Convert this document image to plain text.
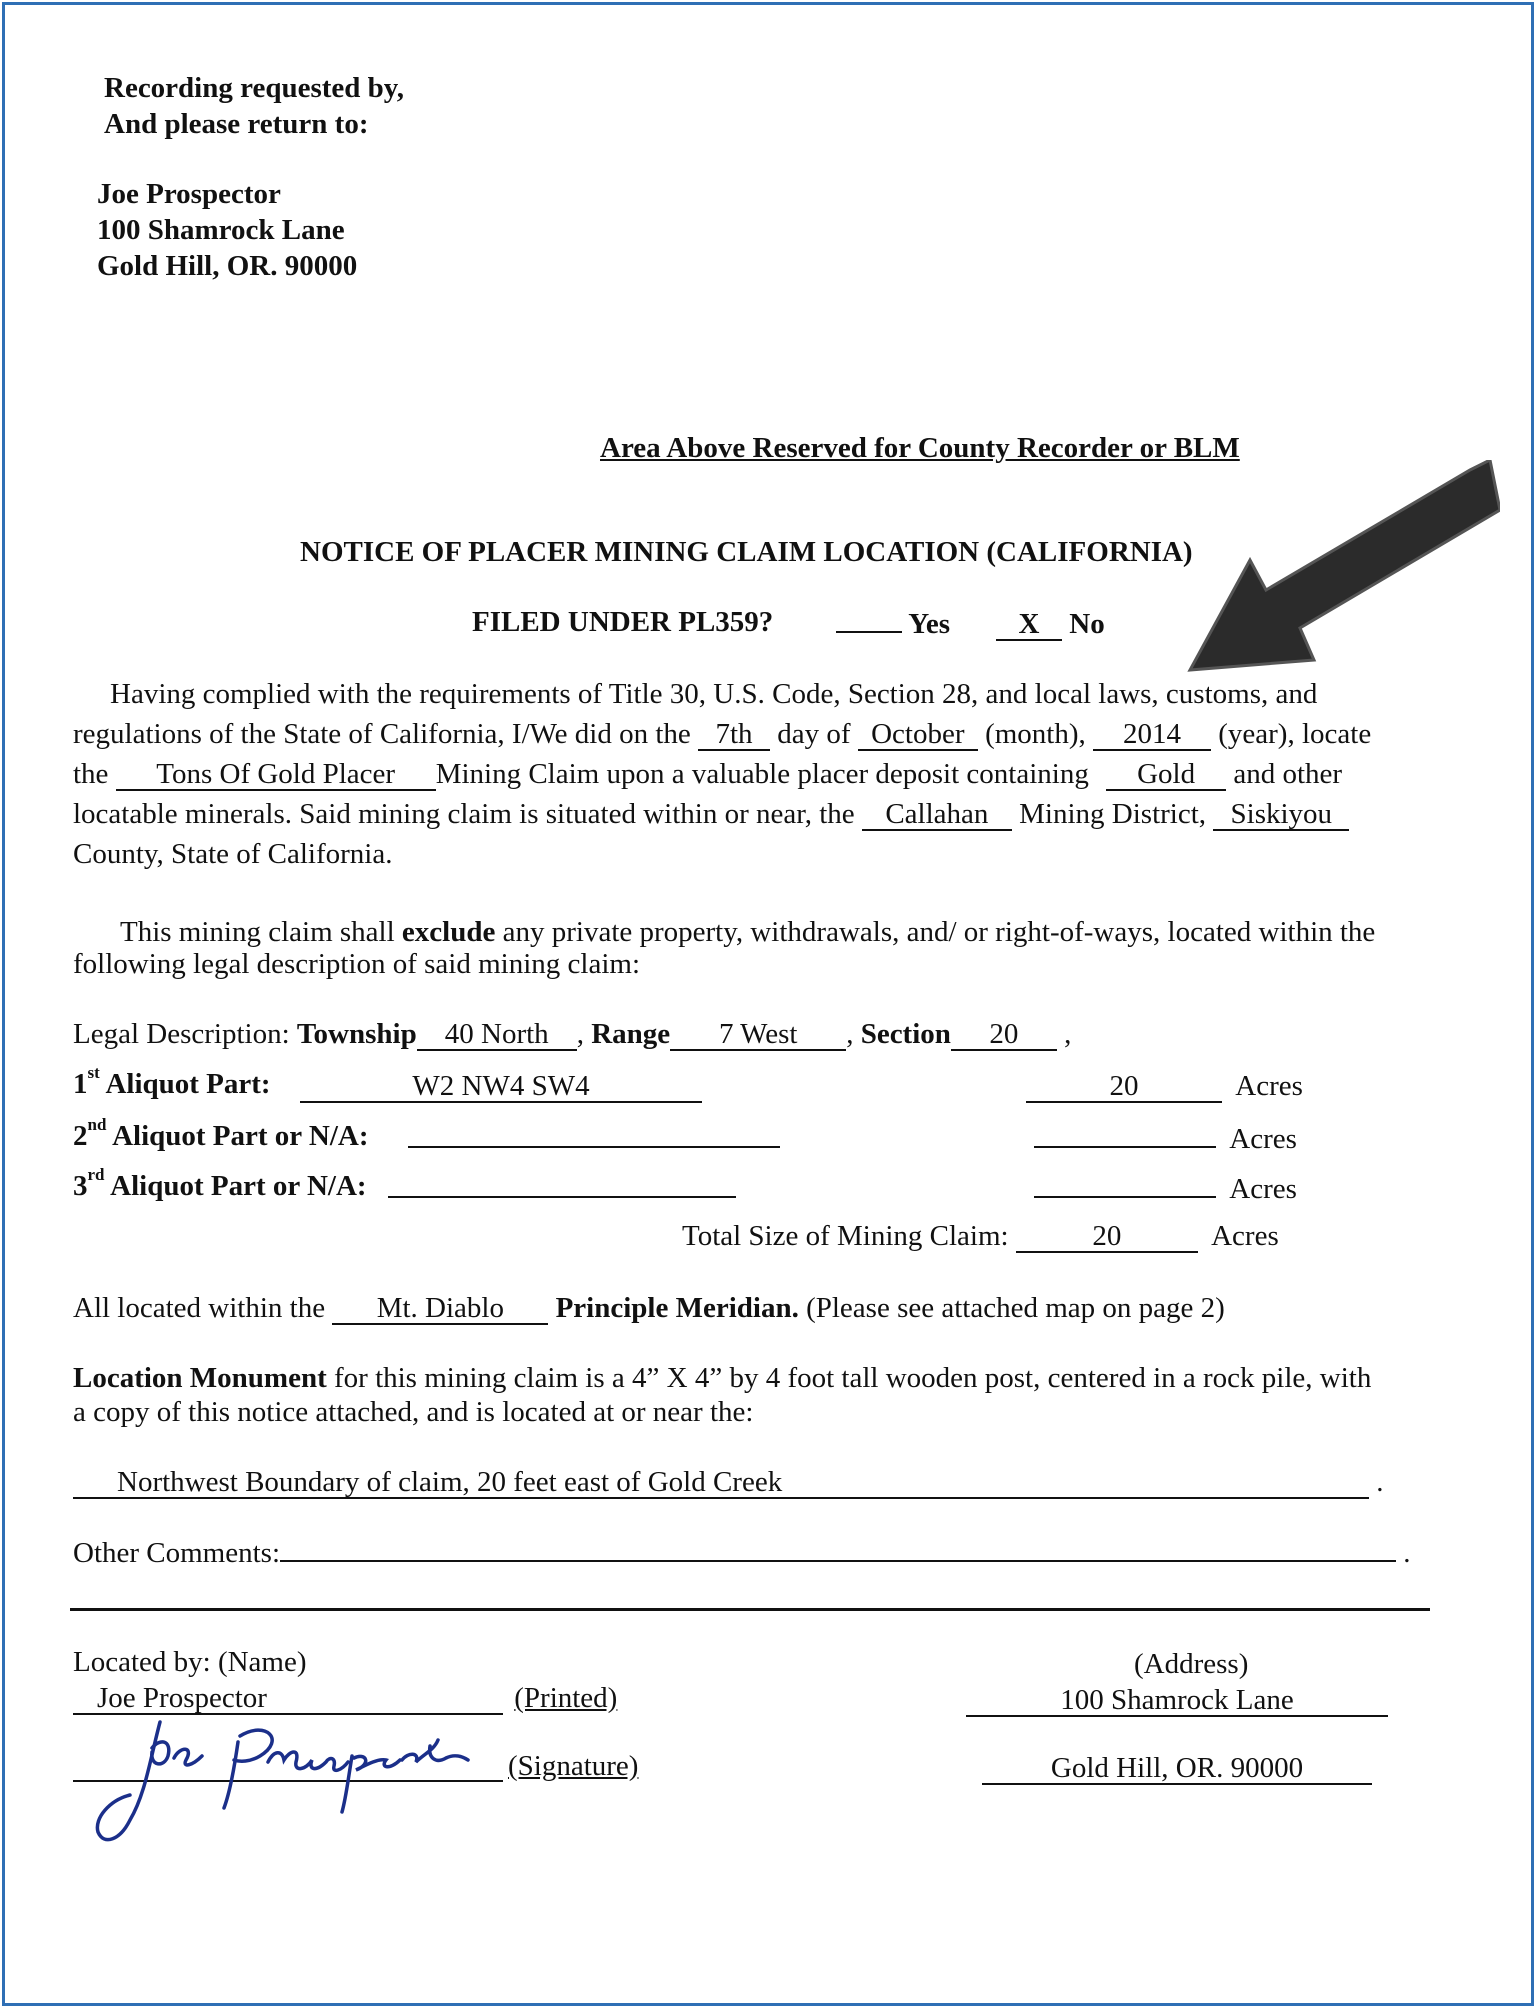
Recording requested by,
And please return to:
Joe Prospector
100 Shamrock Lane
Gold Hill, OR. 90000
Area Above Reserved for County Recorder or BLM
NOTICE OF PLACER MINING CLAIM LOCATION (CALIFORNIA)
FILED UNDER PL359?	Yes	X No
Having complied with the requirements of Title 30, U.S. Code, Section 28, and local laws, customs, and
regulations of the State of California, I/We did on the 7th day of October (month), 2014 (year), locate
the Tons Of Gold Placer Mining Claim upon a valuable placer deposit containing Gold and other
locatable minerals. Said mining claim is situated within or near, the Callahan Mining District, Siskiyou
County, State of California.
This mining claim shall exclude any private property, withdrawals, and/ or right-of-ways, located within the
following legal description of said mining claim:
Legal Description: Township 40 North , Range 7 West , Section 20 ,
1st Aliquot Part:	W2 NW4 SW4	20	Acres
2nd Aliquot Part or N/A:	Acres
3rd Aliquot Part or N/A:	Acres
Total Size of Mining Claim:	20	Acres
All located within the Mt. Diablo Principle Meridian. (Please see attached map on page 2)
Location Monument for this mining claim is a 4” X 4” by 4 foot tall wooden post, centered in a rock pile, with
a copy of this notice attached, and is located at or near the:
Northwest Boundary of claim, 20 feet east of Gold Creek	.
Other Comments:	.
Located by: (Name)
Joe Prospector	(Printed)
(Signature)
(Address)
100 Shamrock Lane
Gold Hill, OR. 90000
